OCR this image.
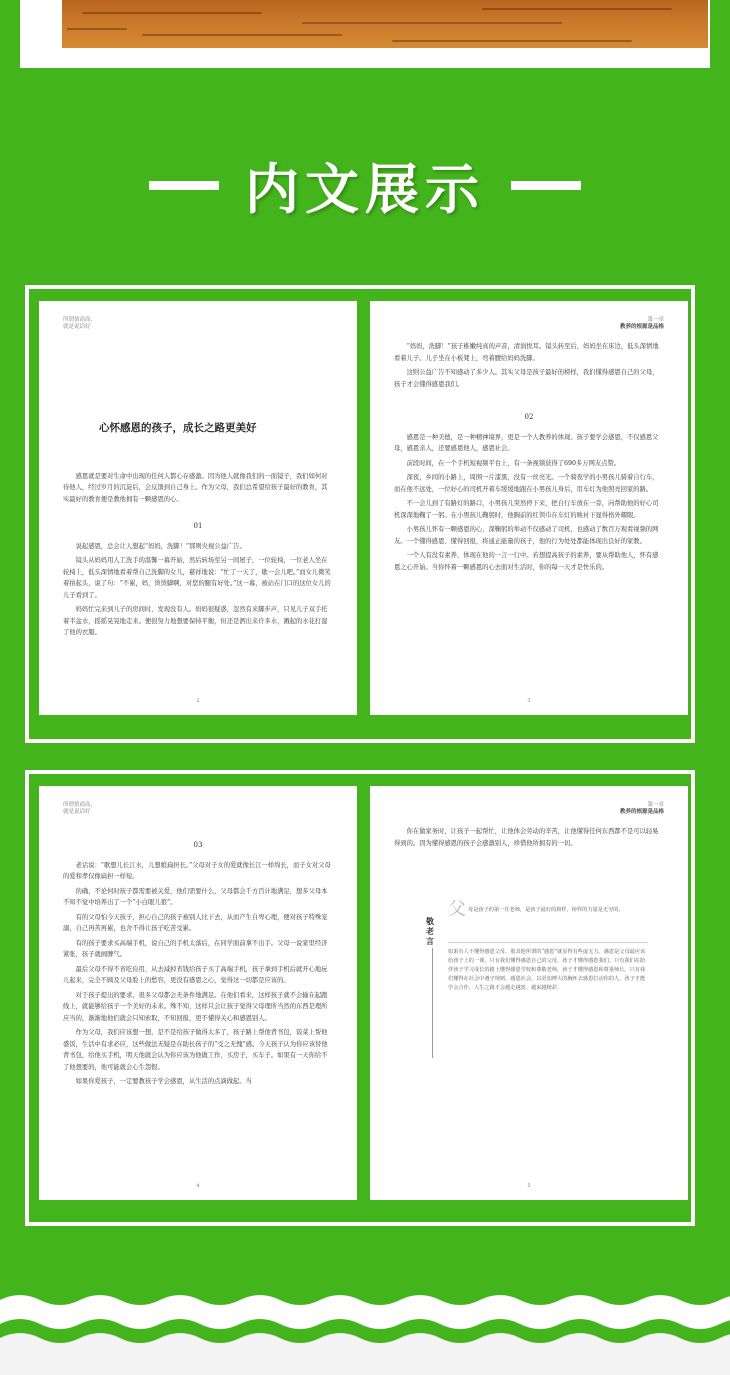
内文展示
所谓情商高，
就是说话好
心怀感恩的孩子，成长之路更美好

感恩就是要对生命中出现的任何人都心存感激。因为他人就像我们的一面镜子，我们如何对待他人，经过岁月的沉淀后，会反馈到自己身上。作为父母，我们总希望给孩子最好的教育，其实最好的教育便是教他拥有一颗感恩的心。

01

说起感恩，总会让人想起“妈妈，洗脚！”那则央视公益广告。

镜头从妈妈用人工洗手的温馨一幕开始，然后转场至另一间屋子，一位轮椅，一位老人坐在轮椅上，低头深情地看着帮自己洗脚的女儿，慈祥地说：“忙了一天了，歇一会儿吧。”而女儿微笑着拍起头，说了句：“不累，妈，烫烫脚啊，对您的腿有好处。”这一幕，被站在门口的这位女儿的儿子看到了。

妈妈忙完来到儿子的房间时，发现没有人。妈妈很疑惑，忽然有来脚步声，只见儿子双手托着半盆水，摇摇晃晃地走来。便很努力地想要保持平衡，但还是洒出来许多水，溅起的水花打湿了他的衣服。

2
第一章
教养的根源是品格

“妈妈，洗脚！”孩子稚嫩纯真的声音，清润悦耳。镜头转至后，妈妈坐在床边，低头深情地看着儿子。儿子坐在小板凳上，弯着腰给妈妈洗脚。

这则公益广告不知感动了多少人。其实父母是孩子最好的榜样，我们懂得感恩自己的父母，孩子才会懂得感恩我们。

02

感恩是一种美德，是一种精神境界，更是一个人教养的体现。孩子要学会感恩，不仅感恩父母，感恩亲人，还要感恩他人，感恩社会。

前段时间，在一个手机短视频平台上，有一条视频获得了690多万网友点赞。

深夜，乡间的小路上，周围一片漆黑，没有一丝亮光。一个骑夜学的小男孩儿骑着自行车，而在他不远处，一位好心的司机开着车缓缓地跟在小男孩儿身后，用车灯为他照亮回家的路。

不一会儿到了有路灯的路口，小男孩儿突然停下来，把自行车放在一旁，向帮助他的好心司机深深地鞠了一躬。在小男孩儿鞠躬时，他胸前的红领巾在车灯的映衬下显得格外耀眼。

小男孩儿怀有一颗感恩的心，深鞠躬的举动不仅感动了司机，也感动了数百万观看视频的网友。一个懂得感恩、懂得回报，将通正能量的孩子，他的行为处处都能体现出良好的家教。

一个人有没有素养，体现在他的一言一行中。若想提高孩子的素养，要从帮助他人，怀有感恩之心开始。当你怀着一颗感恩的心去面对生活时，你的每一天才是快乐的。

3
所谓情商高，
就是说话好
03

老话说：“歌想儿长江水，儿想娘扁担长。”父母对子女的爱就像长江一样绵长，而子女对父母的爱和孝仅像扁担一样短。

的确，不论何时孩子都需要被关爱，他们需要什么，父母都会千方百计地满足，想多父母本不知不觉中培养出了一个“小白眼儿狼”。

有的父母怕今天孩子，担心自己的孩子被别人比下去，从而产生自卑心理，便对孩子特殊宠溺，自己再苦再累，也舍不得让孩子吃苦受累。

有的孩子要求买高端手机，说自己的手机太落后，在同学面前拿不出手。父母一说家里经济紧张，孩子就闹脾气。

最后父母不得不省吃俭用，从去减掉省钱给孩子买了高端手机，孩子拿到手机后就开心地玩儿起来，完全不顾及父母脸上的愁容，更没有感恩之心，觉得这一切都是应该的。

对于孩子提出的要求，很多父母都会无条件地满足。在他们看来，这样孩子就不会输在起跑线上，就能够给孩子一个美好的未来。殊不知，这样只会让孩子觉得父母理所当然的东西是理所应当的，渐渐地他们就会只知索取，不知回报，更不懂得关心和感恩别人。

作为父母，我们应该想一想，是不是给孩子做得太多了，孩子路上帮他背书包，饭菜上帮他盛饭，生活中有求必应，这些做法无疑是在助长孩子的“受之无愧”感。今天孩子认为你应该替他背书包，给他买手机，明天他就会认为你应该为他做工作，买房子，买车子。如果有一天你给不了他想要的，他可能就会心生怨恨。

如果你爱孩子，一定要教孩子学会感恩，从生活的点滴做起。当

4
第一章
教养的根源是品格

你在做家务时，让孩子一起帮忙，让他体会劳动的辛苦，让他懂得任何东西都不是可以轻易得到的。因为懂得感恩的孩子会感激别人，珍惜他所拥有的一切。

敬老言
父 母是孩子的第一任老师，是孩子最好的榜样，榜样的力量是无穷的。
如果有人不懂得感恩父母，那其他所谓的“感恩”就显得有些虚无力。感恩是父母最应该给孩子上的一课，只有我们懂得感恩自己的父母，孩子才懂得感恩我们。只有我们在陪伴孩子学习成长的路上懂得感恩学校和尊敬老师，孩子才懂得感恩和尊重师长。只有我们懂得在社会中遵守规则、感恩社会，以更加博大的胸怀去感恩打动你的人，孩子才能学会合作，人生之路才会越走越宽、越来越精彩。
5
